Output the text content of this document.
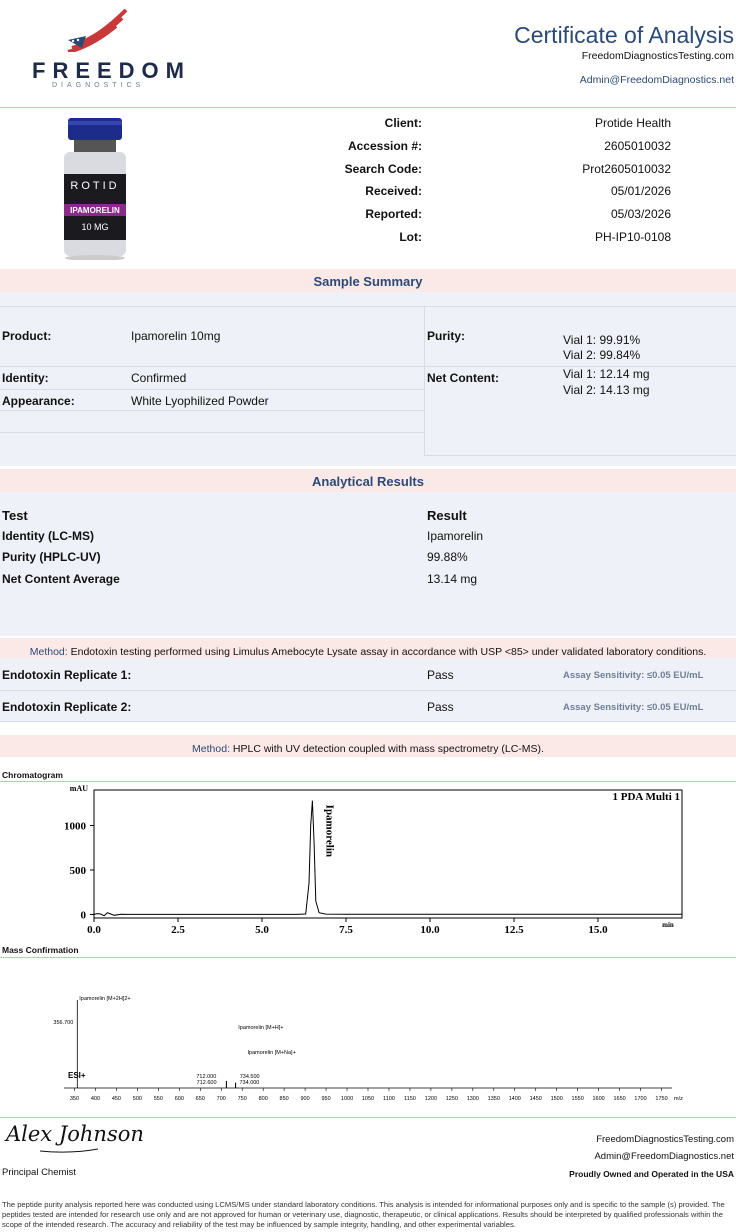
FREEDOM
DIAGNOSTICS
Certificate of Analysis
FreedomDiagnosticsTesting.com
Admin@FreedomDiagnostics.net
ROTID
IPAMORELIN
10 MG
Client:	Protide Health
Accession #:	2605010032
Search Code:	Prot2605010032
Received:	05/01/2026
Reported:	05/03/2026
Lot:	PH-IP10-0108
Sample Summary
Product:	Ipamorelin 10mg
Identity:	Confirmed
Appearance:	White Lyophilized Powder
Purity:	Vial 1: 99.91%
Vial 2: 99.84%
Net Content:	Vial 1: 12.14 mg
Vial 2: 14.13 mg
Analytical Results
Test	Result
Identity (LC-MS)	Ipamorelin
Purity (HPLC-UV)	99.88%
Net Content Average	13.14 mg
Method: Endotoxin testing performed using Limulus Amebocyte Lysate assay in accordance with USP <85> under validated laboratory conditions.
Endotoxin Replicate 1:	Pass	Assay Sensitivity: ≤0.05 EU/mL
Endotoxin Replicate 2:	Pass	Assay Sensitivity: ≤0.05 EU/mL
Method: HPLC with UV detection coupled with mass spectrometry (LC-MS).
Chromatogram
0
500
1000
0.0	2.5	5.0	7.5	10.0	12.5	15.0
mAU
min
1 PDA Multi 1
Ipamorelin
Mass Confirmation
350 400 450 500 550 600 650 700 750 800 850 900 950 1000 1050 1100 1150 1200 1250 1300 1350 1400 1450 1500 1550 1600 1650 1700 1750 m/z
ESI+
356.700
712.600
712.000
734.000
734.500
Ipamorelin [M+2H]2+
Ipamorelin [M+H]+
Ipamorelin [M+Na]+
Alex Johnson
Principal Chemist
FreedomDiagnosticsTesting.com
Admin@FreedomDiagnostics.net
Proudly Owned and Operated in the USA
The peptide purity analysis reported here was conducted using LCMS/MS under standard laboratory conditions. This analysis is intended for informational purposes only and is specific to the sample (s) provided. The peptides tested are intended for research use only and are not approved for human or veterinary use, diagnostic, therapeutic, or clinical applications. Results should be interpreted by qualified professionals within the scope of the intended research. The accuracy and reliability of the test may be influenced by sample integrity, handling, and other experimental variables.
